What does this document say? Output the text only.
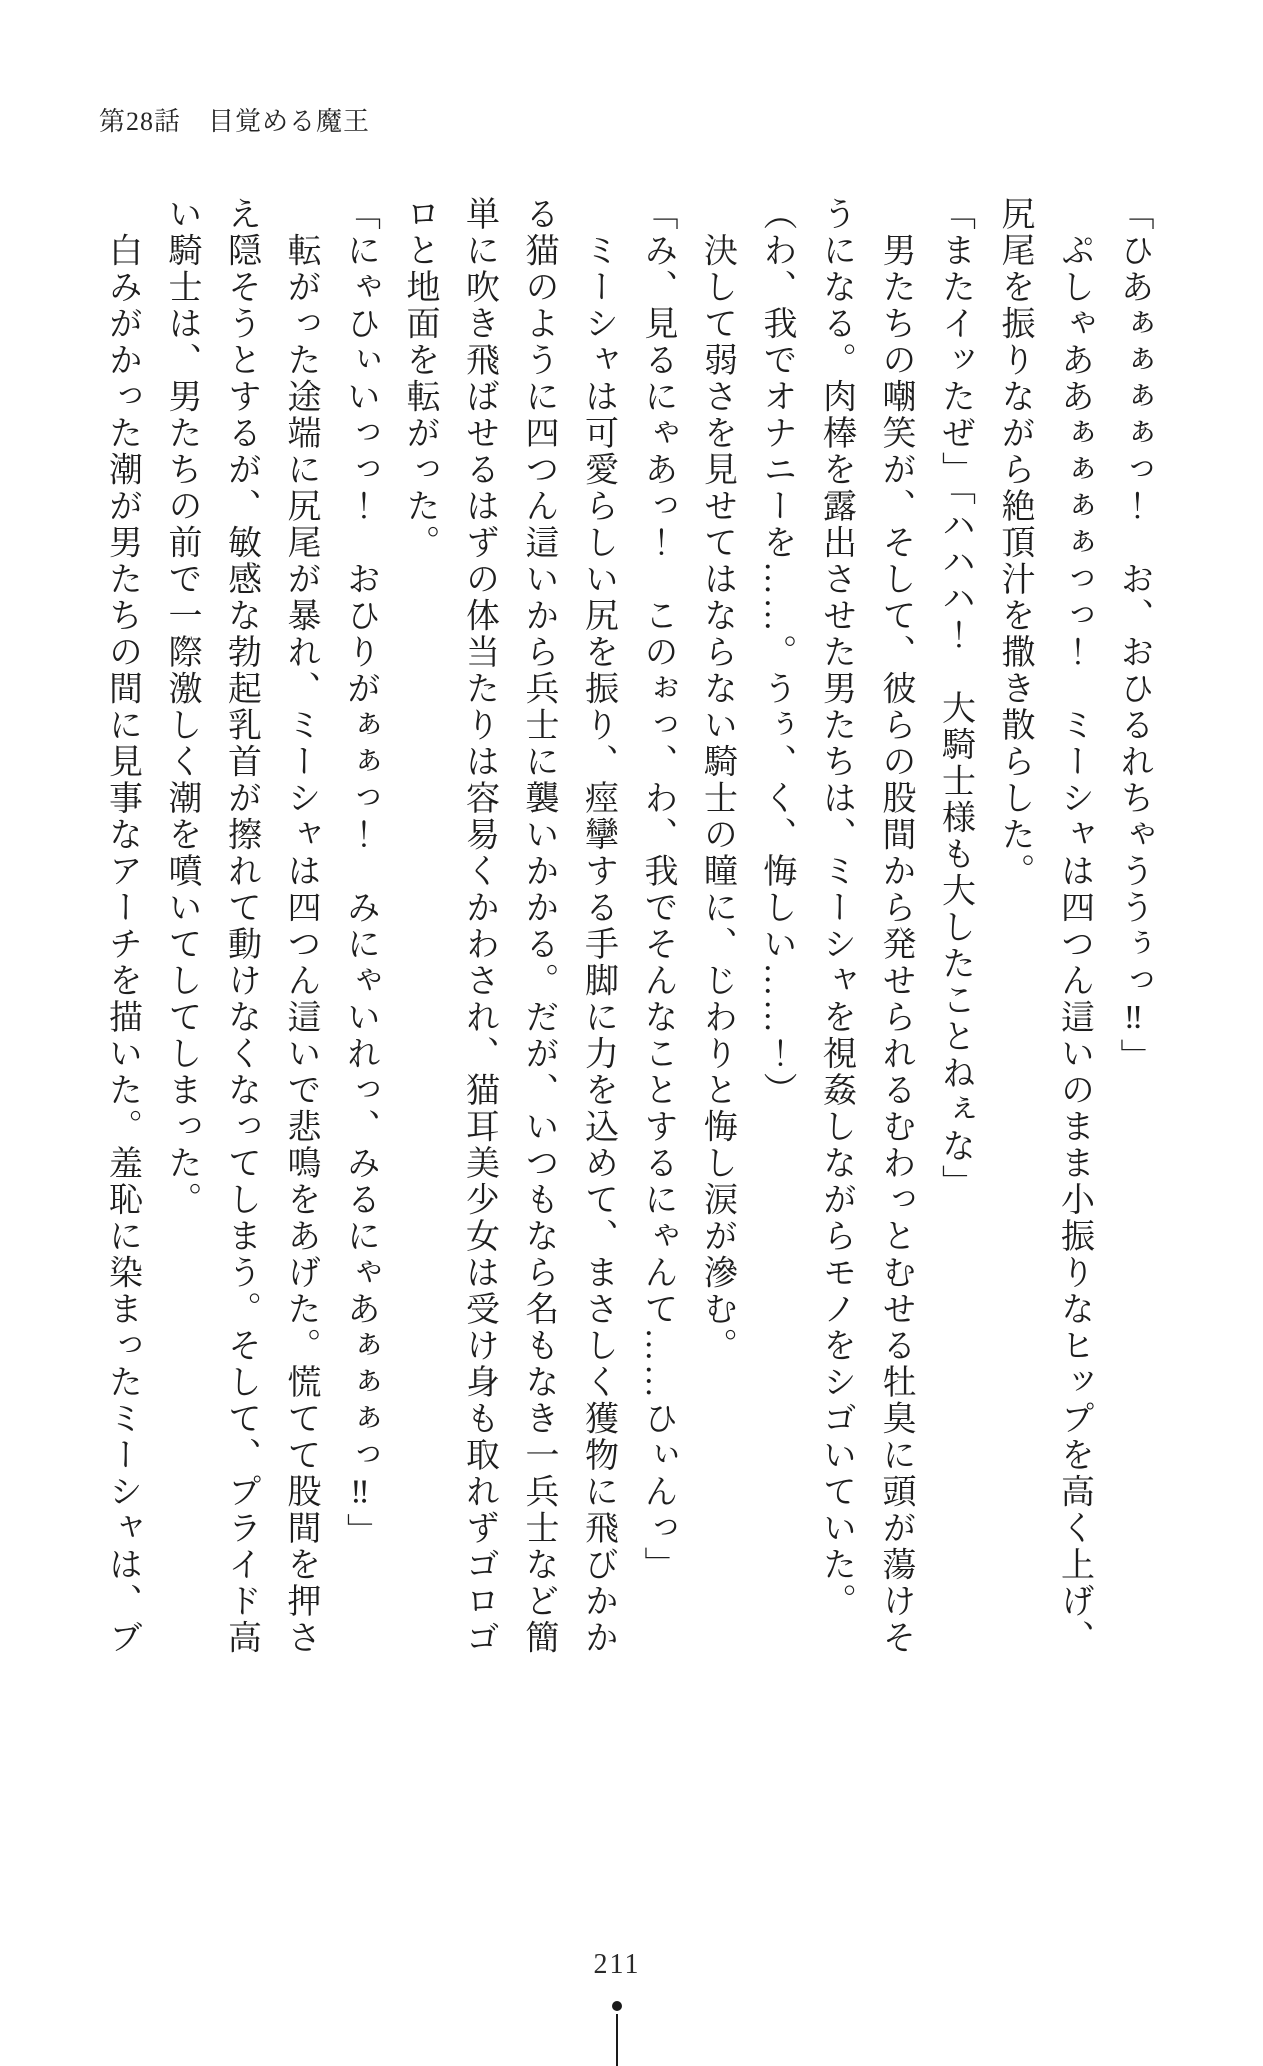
第28話　目覚める魔王
「ひあぁぁぁぁっ！　お、おひるれちゃううぅっ‼」
　ぷしゃああぁぁぁぁっっ！　ミーシャは四つん這いのまま小振りなヒップを高く上げ、
尻尾を振りながら絶頂汁を撒き散らした。
「またイッたぜ」「ハハハ！　大騎士様も大したことねぇな」
　男たちの嘲笑が、そして、彼らの股間から発せられるむわっとむせる牡臭に頭が蕩けそ
うになる。肉棒を露出させた男たちは、ミーシャを視姦しながらモノをシゴいていた。
（わ、我でオナニーを……。うぅ、く、悔しい……！）
　決して弱さを見せてはならない騎士の瞳に、じわりと悔し涙が滲む。
「み、見るにゃあっ！　このぉっ、わ、我でそんなことするにゃんて……ひぃんっ」
　ミーシャは可愛らしい尻を振り、痙攣する手脚に力を込めて、まさしく獲物に飛びかか
る猫のように四つん這いから兵士に襲いかかる。だが、いつもなら名もなき一兵士など簡
単に吹き飛ばせるはずの体当たりは容易くかわされ、猫耳美少女は受け身も取れずゴロゴ
ロと地面を転がった。
「にゃひぃいっっ！　おひりがぁぁっ！　みにゃいれっ、みるにゃあぁぁぁっ‼」
　転がった途端に尻尾が暴れ、ミーシャは四つん這いで悲鳴をあげた。慌てて股間を押さ
え隠そうとするが、敏感な勃起乳首が擦れて動けなくなってしまう。そして、プライド高
い騎士は、男たちの前で一際激しく潮を噴いてしてしまった。
　白みがかった潮が男たちの間に見事なアーチを描いた。羞恥に染まったミーシャは、ブ
211
